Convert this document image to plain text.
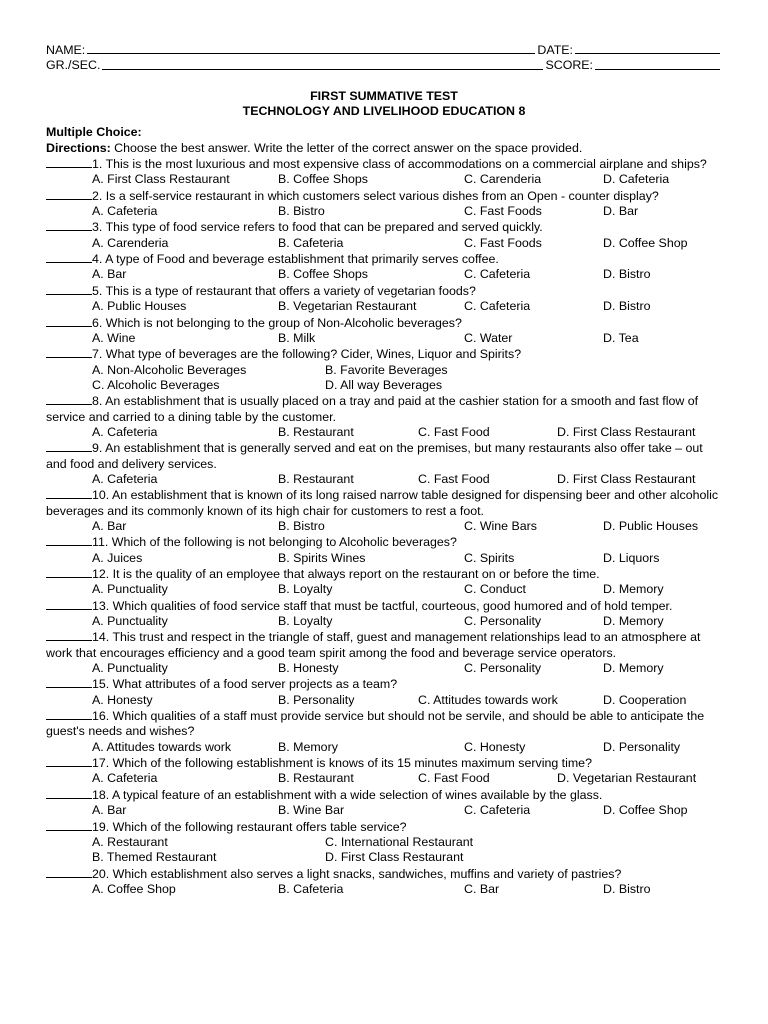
NAME:	DATE:
GR./SEC.	SCORE:
FIRST SUMMATIVE TEST
TECHNOLOGY AND LIVELIHOOD EDUCATION 8
Multiple Choice:
Directions: Choose the best answer. Write the letter of the correct answer on the space provided.
1. This is the most luxurious and most expensive class of accommodations on a commercial airplane and ships?
A. First Class Restaurant	B. Coffee Shops	C. Carenderia	D. Cafeteria
2. Is a self-service restaurant in which customers select various dishes from an Open - counter display?
A. Cafeteria	B. Bistro	C. Fast Foods	D. Bar
3. This type of food service refers to food that can be prepared and served quickly.
A. Carenderia	B. Cafeteria	C. Fast Foods	D. Coffee Shop
4. A type of Food and beverage establishment that primarily serves coffee.
A. Bar	B. Coffee Shops	C. Cafeteria	D. Bistro
5. This is a type of restaurant that offers a variety of vegetarian foods?
A. Public Houses	B. Vegetarian Restaurant	C. Cafeteria	D. Bistro
6. Which is not belonging to the group of Non-Alcoholic beverages?
A. Wine	B. Milk	C. Water	D. Tea
7. What type of beverages are the following? Cider, Wines, Liquor and Spirits?
A. Non-Alcoholic Beverages	B. Favorite Beverages
C. Alcoholic Beverages	D. All way Beverages
8. An establishment that is usually placed on a tray and paid at the cashier station for a smooth and fast flow of service and carried to a dining table by the customer.
A. Cafeteria	B. Restaurant	C. Fast Food	D. First Class Restaurant
9. An establishment that is generally served and eat on the premises, but many restaurants also offer take – out and food and delivery services.
A. Cafeteria	B. Restaurant	C. Fast Food	D. First Class Restaurant
10. An establishment that is known of its long raised narrow table designed for dispensing beer and other alcoholic beverages and its commonly known of its high chair for customers to rest a foot.
A. Bar	B. Bistro	C. Wine Bars	D. Public Houses
11. Which of the following is not belonging to Alcoholic beverages?
A. Juices	B. Spirits Wines	C. Spirits	D. Liquors
12. It is the quality of an employee that always report on the restaurant on or before the time.
A. Punctuality	B. Loyalty	C. Conduct	D. Memory
13. Which qualities of food service staff that must be tactful, courteous, good humored and of hold temper.
A. Punctuality	B. Loyalty	C. Personality	D. Memory
14. This trust and respect in the triangle of staff, guest and management relationships lead to an atmosphere at work that encourages efficiency and a good team spirit among the food and beverage service operators.
A. Punctuality	B. Honesty	C. Personality	D. Memory
15. What attributes of a food server projects as a team?
A. Honesty	B. Personality	C. Attitudes towards work	D. Cooperation
16. Which qualities of a staff must provide service but should not be servile, and should be able to anticipate the guest's needs and wishes?
A. Attitudes towards work	B. Memory	C. Honesty	D. Personality
17. Which of the following establishment is knows of its 15 minutes maximum serving time?
A. Cafeteria	B. Restaurant	C. Fast Food	D. Vegetarian Restaurant
18. A typical feature of an establishment with a wide selection of wines available by the glass.
A. Bar	B. Wine Bar	C. Cafeteria	D. Coffee Shop
19. Which of the following restaurant offers table service?
A. Restaurant	C. International Restaurant
B. Themed Restaurant	D. First Class Restaurant
20. Which establishment also serves a light snacks, sandwiches, muffins and variety of pastries?
A. Coffee Shop	B. Cafeteria	C. Bar	D. Bistro
